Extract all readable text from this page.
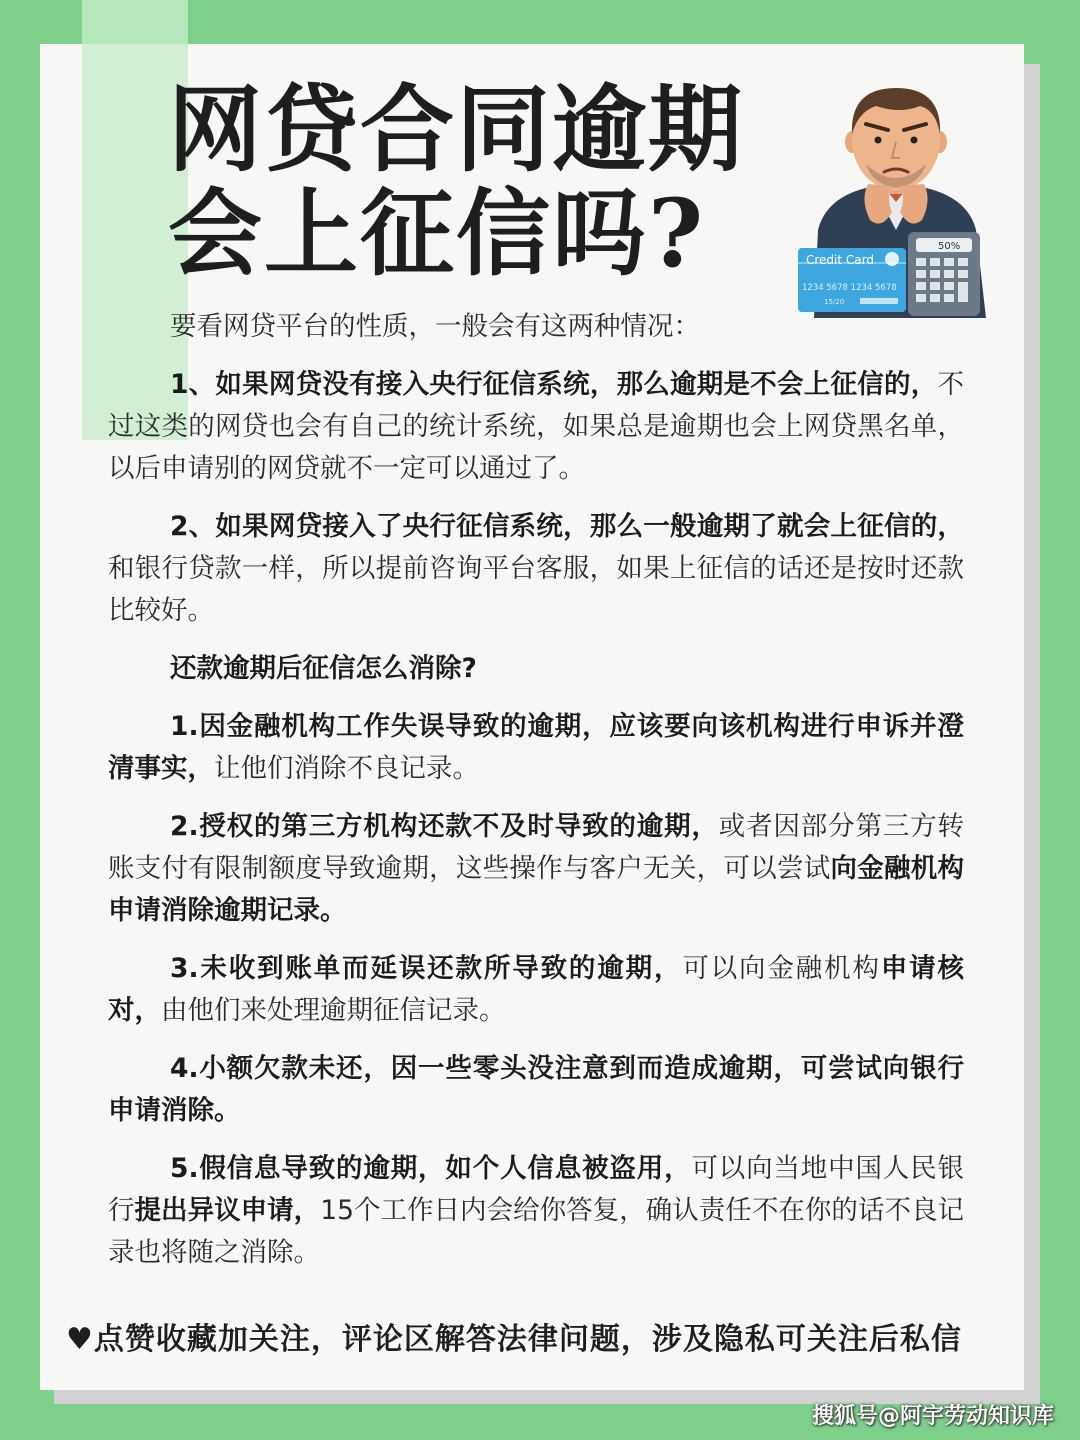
网贷合同逾期
会上征信吗?	Credit Card
1234 5678 1234 5678
15/20
50%

要看网贷平台的性质，一般会有这两种情况：

1、如果网贷没有接入央行征信系统，那么逾期是不会上征信的，不过这类的网贷也会有自己的统计系统，如果总是逾期也会上网贷黑名单，以后申请别的网贷就不一定可以通过了。

2、如果网贷接入了央行征信系统，那么一般逾期了就会上征信的，和银行贷款一样，所以提前咨询平台客服，如果上征信的话还是按时还款比较好。

还款逾期后征信怎么消除?

1.因金融机构工作失误导致的逾期，应该要向该机构进行申诉并澄清事实，让他们消除不良记录。

2.授权的第三方机构还款不及时导致的逾期，或者因部分第三方转账支付有限制额度导致逾期，这些操作与客户无关，可以尝试向金融机构申请消除逾期记录。

3.未收到账单而延误还款所导致的逾期，可以向金融机构申请核对，由他们来处理逾期征信记录。

4.小额欠款未还，因一些零头没注意到而造成逾期，可尝试向银行申请消除。

5.假信息导致的逾期，如个人信息被盗用，可以向当地中国人民银行提出异议申请，15个工作日内会给你答复，确认责任不在你的话不良记录也将随之消除。

♥点赞收藏加关注，评论区解答法律问题，涉及隐私可关注后私信
搜狐号@阿宇劳动知识库
